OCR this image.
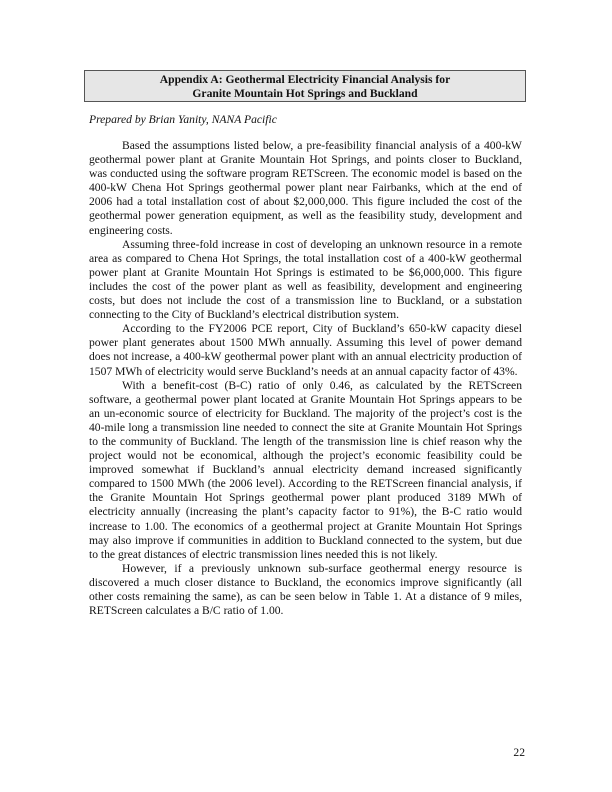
Appendix A: Geothermal Electricity Financial Analysis for
Granite Mountain Hot Springs and Buckland
Prepared by Brian Yanity, NANA Pacific

Based the assumptions listed below, a pre-feasibility financial analysis of a 400-kW geothermal power plant at Granite Mountain Hot Springs, and points closer to Buckland, was conducted using the software program RETScreen. The economic model is based on the 400-kW Chena Hot Springs geothermal power plant near Fairbanks, which at the end of 2006 had a total installation cost of about $2,000,000. This figure included the cost of the geothermal power generation equipment, as well as the feasibility study, development and engineering costs.

Assuming three-fold increase in cost of developing an unknown resource in a remote area as compared to Chena Hot Springs, the total installation cost of a 400-kW geothermal power plant at Granite Mountain Hot Springs is estimated to be $6,000,000. This figure includes the cost of the power plant as well as feasibility, development and engineering costs, but does not include the cost of a transmission line to Buckland, or a substation connecting to the City of Buckland’s electrical distribution system.

According to the FY2006 PCE report, City of Buckland’s 650-kW capacity diesel power plant generates about 1500 MWh annually. Assuming this level of power demand does not increase, a 400-kW geothermal power plant with an annual electricity production of 1507 MWh of electricity would serve Buckland’s needs at an annual capacity factor of 43%.

With a benefit-cost (B-C) ratio of only 0.46, as calculated by the RETScreen software, a geothermal power plant located at Granite Mountain Hot Springs appears to be an un-economic source of electricity for Buckland. The majority of the project’s cost is the 40-mile long a transmission line needed to connect the site at Granite Mountain Hot Springs to the community of Buckland. The length of the transmission line is chief reason why the project would not be economical, although the project’s economic feasibility could be improved somewhat if Buckland’s annual electricity demand increased significantly compared to 1500 MWh (the 2006 level). According to the RETScreen financial analysis, if the Granite Mountain Hot Springs geothermal power plant produced 3189 MWh of electricity annually (increasing the plant’s capacity factor to 91%), the B-C ratio would increase to 1.00. The economics of a geothermal project at Granite Mountain Hot Springs may also improve if communities in addition to Buckland connected to the system, but due to the great distances of electric transmission lines needed this is not likely.

However, if a previously unknown sub-surface geothermal energy resource is discovered a much closer distance to Buckland, the economics improve significantly (all other costs remaining the same), as can be seen below in Table 1. At a distance of 9 miles, RETScreen calculates a B/C ratio of 1.00.

22
